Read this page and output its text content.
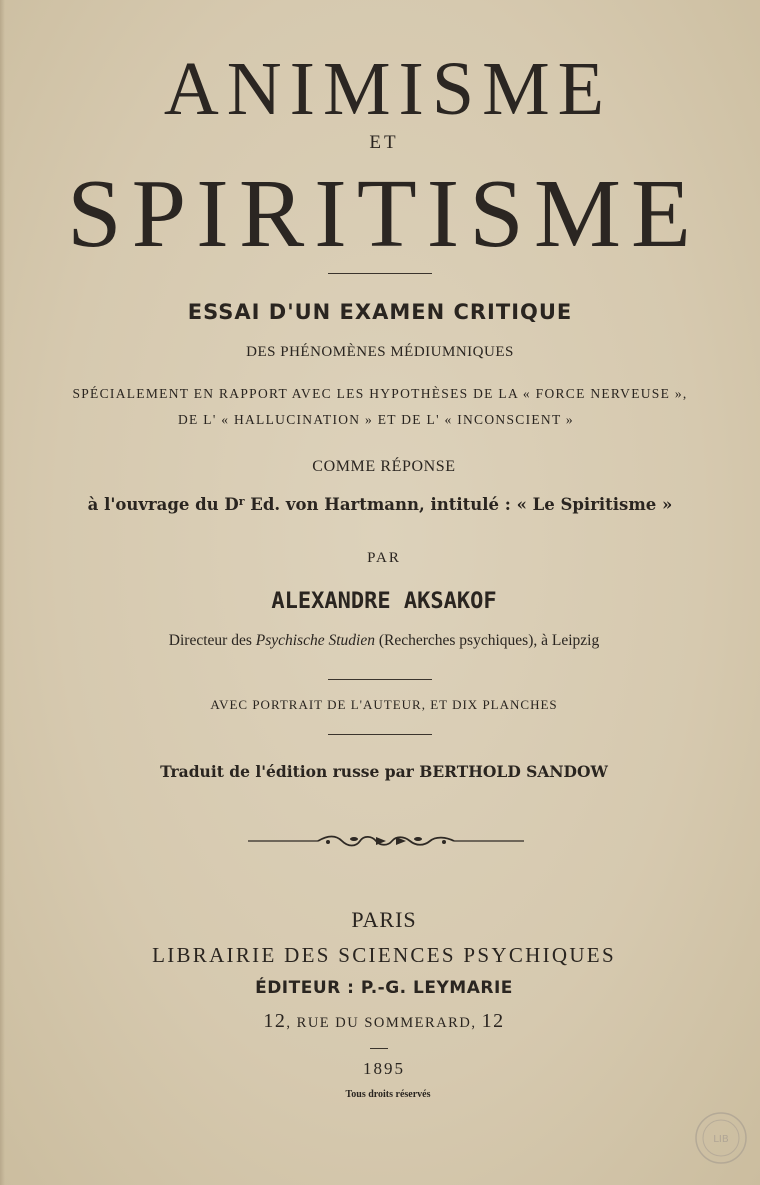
ANIMISME
ET
SPIRITISME
ESSAI D'UN EXAMEN CRITIQUE
DES PHÉNOMÈNES MÉDIUMNIQUES
SPÉCIALEMENT EN RAPPORT AVEC LES HYPOTHÈSES DE LA « FORCE NERVEUSE »,
DE L' « HALLUCINATION » ET DE L' « INCONSCIENT »
COMME RÉPONSE
à l'ouvrage du $D^r$ Ed. von Hartmann, intitulé : « Le Spiritisme »
PAR
ALEXANDRE AKSAKOF
Directeur des Psychische Studien (Recherches psychiques), à Leipzig
AVEC PORTRAIT DE L'AUTEUR, ET DIX PLANCHES
Traduit de l'édition russe par BERTHOLD SANDOW
PARIS
LIBRAIRIE DES SCIENCES PSYCHIQUES
ÉDITEUR : P.-G. LEYMARIE
12, RUE DU SOMMERARD, 12
1895
Tous droits réservés
LIB
